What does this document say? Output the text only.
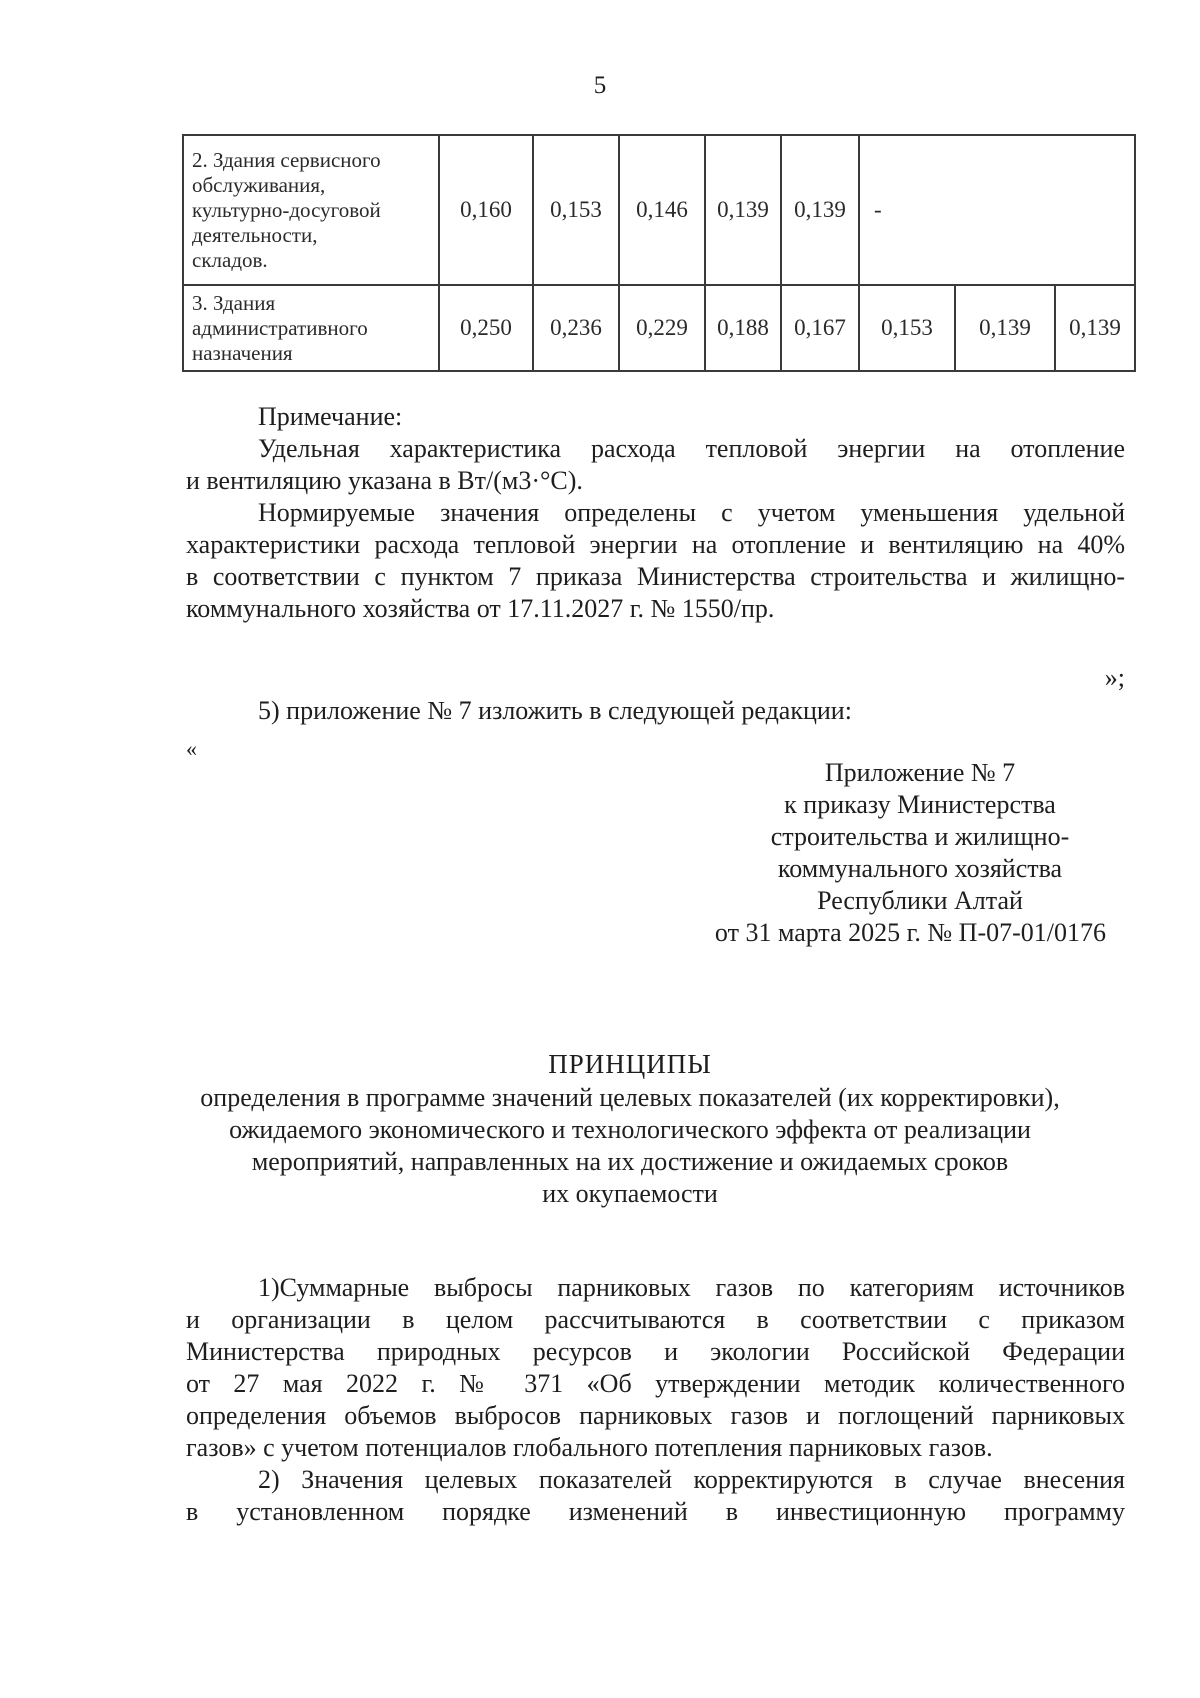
5
2. Здания сервисного
обслуживания,
культурно-досуговой
деятельности,
складов.	0,160	0,153	0,146	0,139	0,139	-		

3. Здания
административного
назначения	0,250	0,236	0,229	0,188	0,167	0,153	0,139	0,139
Примечание:
Удельная характеристика расхода тепловой энергии на отопление
и вентиляцию указана в Вт/(м3·°С).
Нормируемые значения определены с учетом уменьшения удельной
характеристики расхода тепловой энергии на отопление и вентиляцию на 40%
в соответствии с пунктом 7 приказа Министерства строительства и жилищно-
коммунального хозяйства от 17.11.2027 г. № 1550/пр.
»;
5) приложение № 7 изложить в следующей редакции:
«
Приложение № 7
к приказу Министерства
строительства и жилищно-
коммунального хозяйства
Республики Алтай
от 31 марта 2025 г. № П-07-01/0176
ПРИНЦИПЫ
определения в программе значений целевых показателей (их корректировки),
ожидаемого экономического и технологического эффекта от реализации
мероприятий, направленных на их достижение и ожидаемых сроков
их окупаемости
1)Суммарные выбросы парниковых газов по категориям источников
и организации в целом рассчитываются в соответствии с приказом
Министерства природных ресурсов и экологии Российской Федерации
от 27 мая 2022 г. № 371 «Об утверждении методик количественного
определения объемов выбросов парниковых газов и поглощений парниковых
газов» с учетом потенциалов глобального потепления парниковых газов.
2) Значения целевых показателей корректируются в случае внесения
в установленном порядке изменений в инвестиционную программу
